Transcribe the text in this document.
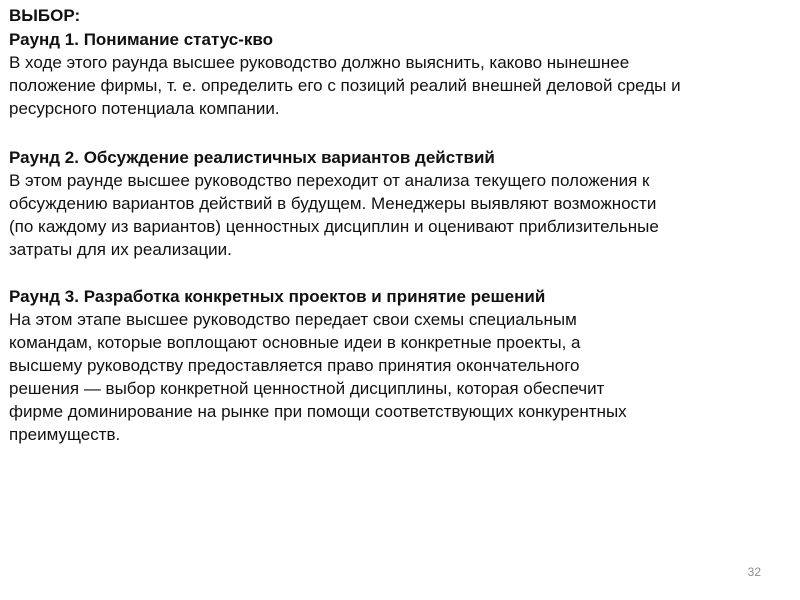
ВЫБОР:
Раунд 1. Понимание статус-кво
В ходе этого раунда высшее руководство должно выяснить, каково нынешнее
положение фирмы, т. е. определить его с позиций реалий внешней деловой среды и
ресурсного потенциала компании.
Раунд 2. Обсуждение реалистичных вариантов действий
В этом раунде высшее руководство переходит от анализа текущего положения к
обсуждению вариантов действий в будущем. Менеджеры выявляют возможности
(по каждому из вариантов) ценностных дисциплин и оценивают приблизительные
затраты для их реализации.
Раунд 3. Разработка конкретных проектов и принятие решений
На этом этапе высшее руководство передает свои схемы специальным
командам, которые воплощают основные идеи в конкретные проекты, а
высшему руководству предоставляется право принятия окончательного
решения — выбор конкретной ценностной дисциплины, которая обеспечит
фирме доминирование на рынке при помощи соответствующих конкурентных
преимуществ.
32
